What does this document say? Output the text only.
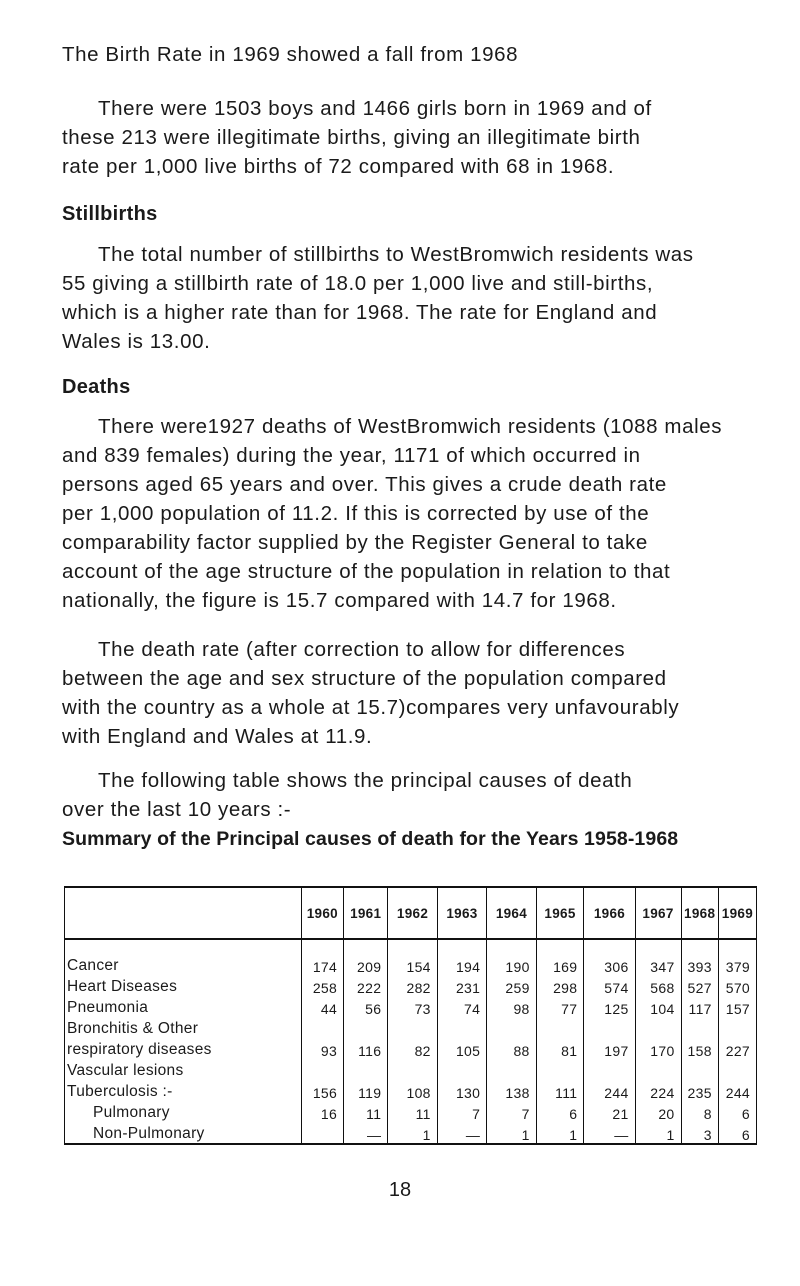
The Birth Rate in 1969 showed a fall from 1968

There were 1503 boys and 1466 girls born in 1969 and of

these 213 were illegitimate births, giving an illegitimate birth

rate per 1,000 live births of 72 compared with 68 in 1968.

Stillbirths

The total number of stillbirths to WestBromwich residents was

55 giving a stillbirth rate of 18.0 per 1,000 live and still-births,

which is a higher rate than for 1968. The rate for England and

Wales is 13.00.

Deaths

There were1927 deaths of WestBromwich residents (1088 males

and 839 females) during the year, 1171 of which occurred in

persons aged 65 years and over. This gives a crude death rate

per 1,000 population of 11.2. If this is corrected by use of the

comparability factor supplied by the Register General to take

account of the age structure of the population in relation to that

nationally, the figure is 15.7 compared with 14.7 for 1968.

The death rate (after correction to allow for differences

between the age and sex structure of the population compared

with the country as a whole at 15.7)compares very unfavourably

with England and Wales at 11.9.

The following table shows the principal causes of death

over the last 10 years :-

Summary of the Principal causes of death for the Years 1958-1968

	1960	1961	1962	1963	1964	1965	1966	1967	1968	1969
Cancer	174	209	154	194	190	169	306	347	393	379
Heart Diseases	258	222	282	231	259	298	574	568	527	570
Pneumonia	44	56	73	74	98	77	125	104	117	157
Bronchitis & Other										
respiratory diseases	93	116	82	105	88	81	197	170	158	227
Vascular lesions										
Tuberculosis :-	156	119	108	130	138	111	244	224	235	244
Pulmonary	16	11	11	7	7	6	21	20	8	6
Non-Pulmonary		—	1	—	1	1	—	1	3	6
18
